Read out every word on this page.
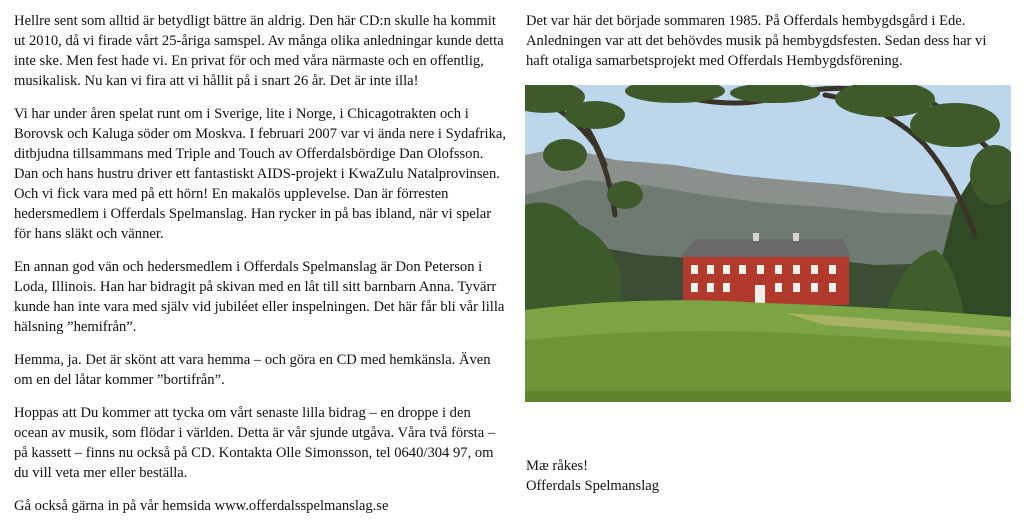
Hellre sent som alltid är betydligt bättre än aldrig. Den här CD:n skulle ha kommit ut 2010, då vi firade vårt 25-åriga samspel. Av många olika anledningar kunde detta inte ske. Men fest hade vi. En privat för och med våra närmaste och en offentlig, musikalisk. Nu kan vi fira att vi hållit på i snart 26 år. Det är inte illa!

Vi har under åren spelat runt om i Sverige, lite i Norge, i Chicagotrakten och i Borovsk och Kaluga söder om Moskva. I februari 2007 var vi ända nere i Sydafrika, ditbjudna tillsammans med Triple and Touch av Offerdalsbördige Dan Olofsson. Dan och hans hustru driver ett fantastiskt AIDS-projekt i KwaZulu Natalprovinsen. Och vi fick vara med på ett hörn! En makalös upplevelse. Dan är förresten hedersmedlem i Offerdals Spelmanslag. Han rycker in på bas ibland, när vi spelar för hans släkt och vänner.

En annan god vän och hedersmedlem i Offerdals Spelmanslag är Don Peterson i Loda, Illinois. Han har bidragit på skivan med en låt till sitt barnbarn Anna. Tyvärr kunde han inte vara med själv vid jubiléet eller inspelningen. Det här får bli vår lilla hälsning ”hemifrån”.

Hemma, ja. Det är skönt att vara hemma – och göra en CD med hemkänsla. Även om en del låtar kommer ”bortifrån”.

Hoppas att Du kommer att tycka om vårt senaste lilla bidrag – en droppe i den ocean av musik, som flödar i världen. Detta är vår sjunde utgåva. Våra två första – på kassett – finns nu också på CD. Kontakta Olle Simonsson, tel 0640/304 97, om du vill veta mer eller beställa.

Gå också gärna in på vår hemsida www.offerdalsspelmanslag.se

Det var här det började sommaren 1985. På Offerdals hembygdsgård i Ede. Anledningen var att det behövdes musik på hembygdsfesten. Sedan dess har vi haft otaliga samarbetsprojekt med Offerdals Hembygdsförening.

Mæ råkes!
Offerdals Spelmanslag
